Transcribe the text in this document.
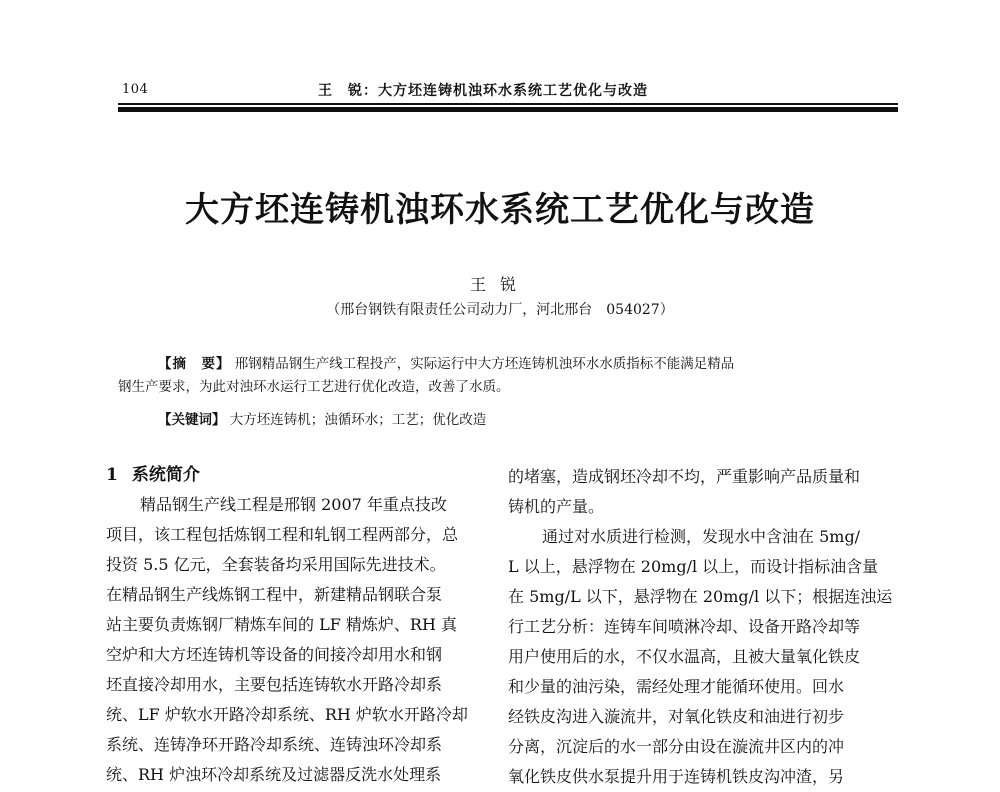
104	王　锐：大方坯连铸机浊环水系统工艺优化与改造
大方坯连铸机浊环水系统工艺优化与改造
王锐
（邢台钢铁有限责任公司动力厂，河北邢台　054027）
【摘　要】 邢钢精品钢生产线工程投产，实际运行中大方坯连铸机浊环水水质指标不能满足精品
钢生产要求，为此对浊环水运行工艺进行优化改造，改善了水质。
【关键词】 大方坯连铸机；浊循环水；工艺；优化改造
1 系统简介
精品钢生产线工程是邢钢 2007 年重点技改
项目，该工程包括炼钢工程和轧钢工程两部分，总
投资 5.5 亿元，全套装备均采用国际先进技术。
在精品钢生产线炼钢工程中，新建精品钢联合泵
站主要负责炼钢厂精炼车间的 LF 精炼炉、RH 真
空炉和大方坯连铸机等设备的间接冷却用水和钢
坯直接冷却用水，主要包括连铸软水开路冷却系
统、LF 炉软水开路冷却系统、RH 炉软水开路冷却
系统、连铸净环开路冷却系统、连铸浊环冷却系
统、RH 炉浊环冷却系统及过滤器反洗水处理系
的堵塞，造成钢坯冷却不均，严重影响产品质量和
铸机的产量。
通过对水质进行检测，发现水中含油在 5mg/
L 以上，悬浮物在 20mg/l 以上，而设计指标油含量
在 5mg/L 以下，悬浮物在 20mg/l 以下；根据连浊运
行工艺分析：连铸车间喷淋冷却、设备开路冷却等
用户使用后的水，不仅水温高，且被大量氧化铁皮
和少量的油污染，需经处理才能循环使用。回水
经铁皮沟进入漩流井，对氧化铁皮和油进行初步
分离，沉淀后的水一部分由设在漩流井区内的冲
氧化铁皮供水泵提升用于连铸机铁皮沟冲渣，另
